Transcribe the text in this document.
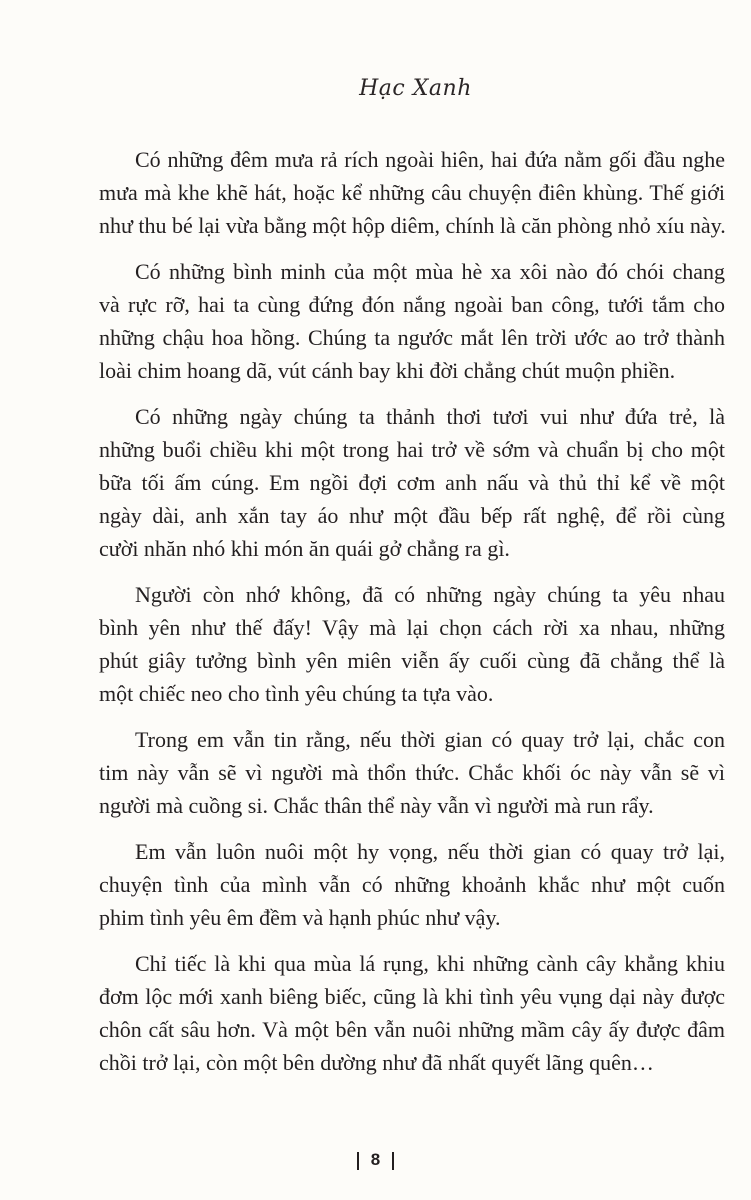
Hạc Xanh
Có những đêm mưa rả rích ngoài hiên, hai đứa nằm gối đầu nghe
mưa mà khe khẽ hát, hoặc kể những câu chuyện điên khùng. Thế giới
như thu bé lại vừa bằng một hộp diêm, chính là căn phòng nhỏ xíu này.
Có những bình minh của một mùa hè xa xôi nào đó chói chang
và rực rỡ, hai ta cùng đứng đón nắng ngoài ban công, tưới tắm cho
những chậu hoa hồng. Chúng ta ngước mắt lên trời ước ao trở thành
loài chim hoang dã, vút cánh bay khi đời chẳng chút muộn phiền.
Có những ngày chúng ta thảnh thơi tươi vui như đứa trẻ, là
những buổi chiều khi một trong hai trở về sớm và chuẩn bị cho một
bữa tối ấm cúng. Em ngồi đợi cơm anh nấu và thủ thỉ kể về một
ngày dài, anh xắn tay áo như một đầu bếp rất nghệ, để rồi cùng
cười nhăn nhó khi món ăn quái gở chẳng ra gì.
Người còn nhớ không, đã có những ngày chúng ta yêu nhau
bình yên như thế đấy! Vậy mà lại chọn cách rời xa nhau, những
phút giây tưởng bình yên miên viễn ấy cuối cùng đã chẳng thể là
một chiếc neo cho tình yêu chúng ta tựa vào.
Trong em vẫn tin rằng, nếu thời gian có quay trở lại, chắc con
tim này vẫn sẽ vì người mà thổn thức. Chắc khối óc này vẫn sẽ vì
người mà cuồng si. Chắc thân thể này vẫn vì người mà run rẩy.
Em vẫn luôn nuôi một hy vọng, nếu thời gian có quay trở lại,
chuyện tình của mình vẫn có những khoảnh khắc như một cuốn
phim tình yêu êm đềm và hạnh phúc như vậy.
Chỉ tiếc là khi qua mùa lá rụng, khi những cành cây khẳng khiu
đơm lộc mới xanh biêng biếc, cũng là khi tình yêu vụng dại này được
chôn cất sâu hơn. Và một bên vẫn nuôi những mầm cây ấy được đâm
chồi trở lại, còn một bên dường như đã nhất quyết lãng quên…
8
